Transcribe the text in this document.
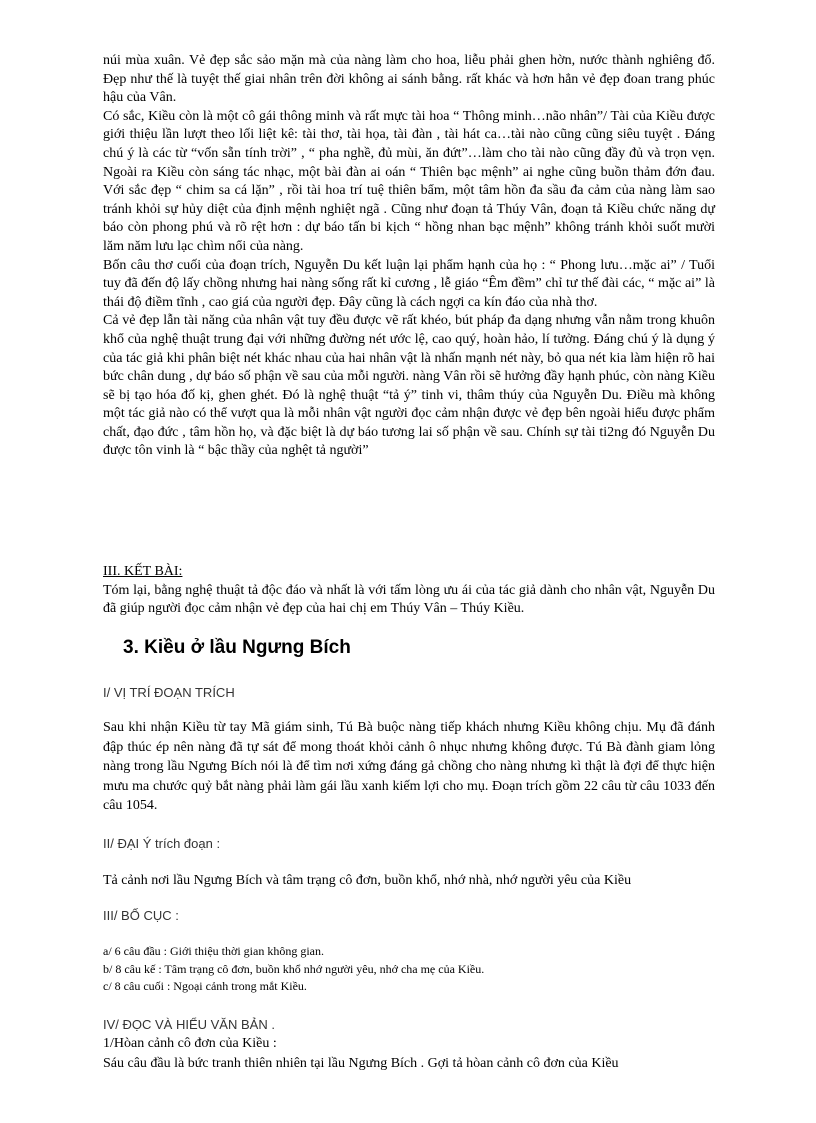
núi mùa xuân. Vẻ đẹp sắc sảo mặn mà của nàng làm cho hoa, liễu phải ghen hờn, nước thành nghiêng đổ. Đẹp như thế là tuyệt thế giai nhân trên đời không ai sánh bằng. rất khác và hơn hẳn vẻ đẹp đoan trang phúc hậu của Vân.

Có sắc, Kiều còn là một cô gái thông minh và rất mực tài hoa “ Thông minh…não nhân”/ Tài của Kiều được giới thiệu lần lượt theo lối liệt kê: tài thơ, tài họa, tài đàn , tài hát ca…tài nào cũng cũng siêu tuyệt . Đáng chú ý là các từ “vốn sẵn tính trời” , “ pha nghề, đủ mùi, ăn đứt”…làm cho tài nào cũng đầy đủ và trọn vẹn. Ngoài ra Kiều còn sáng tác nhạc, một bài đàn ai oán “ Thiên bạc mệnh” ai nghe cũng buồn thảm đớn đau. Với sắc đẹp “ chim sa cá lặn” , rồi tài hoa trí tuệ thiên bẩm, một tâm hồn đa sầu đa cảm của nàng làm sao tránh khỏi sự hủy diệt của định mệnh nghiệt ngã . Cũng như đoạn tả Thúy Vân, đoạn tả Kiều chức năng dự báo còn phong phú và rõ rệt hơn : dự báo tấn bi kịch “ hồng nhan bạc mệnh” không tránh khỏi suốt mười lăm năm lưu lạc chìm nổi của nàng.

Bốn câu thơ cuối của đoạn trích, Nguyễn Du kết luận lại phẩm hạnh của họ : “ Phong lưu…mặc ai” / Tuổi tuy đã đến độ lấy chồng nhưng hai nàng sống rất kỉ cương , lễ giáo “Êm đềm” chỉ tư thế đài các, “ mặc ai” là thái độ điềm tĩnh , cao giá của người đẹp. Đây cũng là cách ngợi ca kín đáo của nhà thơ.

Cả vẻ đẹp lẫn tài năng của nhân vật tuy đều được vẽ rất khéo, bút pháp đa dạng nhưng vẫn nằm trong khuôn khổ của nghệ thuật trung đại với những đường nét ước lệ, cao quý, hoàn hảo, lí tưởng. Đáng chú ý là dụng ý của tác giả khi phân biệt nét khác nhau của hai nhân vật là nhấn mạnh nét này, bỏ qua nét kia làm hiện rõ hai bức chân dung , dự báo số phận về sau của mỗi người. nàng Vân rồi sẽ hưởng đầy hạnh phúc, còn nàng Kiều sẽ bị tạo hóa đố kị, ghen ghét. Đó là nghệ thuật “tả ý” tinh vi, thâm thúy của Nguyễn Du. Điều mà không một tác giả nào có thể vượt qua là mỗi nhân vật người đọc cảm nhận được vẻ đẹp bên ngoài hiểu được phẩm chất, đạo đức , tâm hồn họ, và đặc biệt là dự báo tương lai số phận về sau. Chính sự tài ti2ng đó Nguyễn Du được tôn vinh là “ bậc thầy của nghệt tả người”

III. KẾT BÀI:

Tóm lại, bằng nghệ thuật tả độc đáo và nhất là với tấm lòng ưu ái của tác giả dành cho nhân vật, Nguyễn Du đã giúp người đọc cảm nhận vẻ đẹp của hai chị em Thúy Vân – Thúy Kiều.

3. Kiều ở lầu Ngưng Bích

I/ VỊ TRÍ ĐOẠN TRÍCH

Sau khi nhận Kiều từ tay Mã giám sinh, Tú Bà buộc nàng tiếp khách nhưng Kiều không chịu. Mụ đã đánh đập thúc ép nên nàng đã tự sát để mong thoát khỏi cảnh ô nhục nhưng không được. Tú Bà đành giam lỏng nàng trong lầu Ngưng Bích nói là để tìm nơi xứng đáng gả chồng cho nàng nhưng kì thật là đợi để thực hiện mưu ma chước quỷ bắt nàng phải làm gái lầu xanh kiếm lợi cho mụ. Đoạn trích gồm 22 câu từ câu 1033 đến câu 1054.

II/ ĐẠI Ý trích đoạn :

Tả cảnh nơi lầu Ngưng Bích và tâm trạng cô đơn, buồn khổ, nhớ nhà, nhớ người yêu của Kiều

III/ BỐ CỤC :

a/ 6 câu đầu : Giới thiệu thời gian không gian.
b/ 8 câu kế : Tâm trạng cô đơn, buồn khổ nhớ người yêu, nhớ cha mẹ của Kiều.
c/ 8 câu cuối : Ngoại cảnh trong mắt Kiều.

IV/ ĐỌC VÀ HIỂU VĂN BẢN .

1/Hòan cảnh cô đơn của Kiều :

Sáu câu đầu là bức tranh thiên nhiên tại lầu Ngưng Bích . Gợi tả hòan cảnh cô đơn của Kiều
